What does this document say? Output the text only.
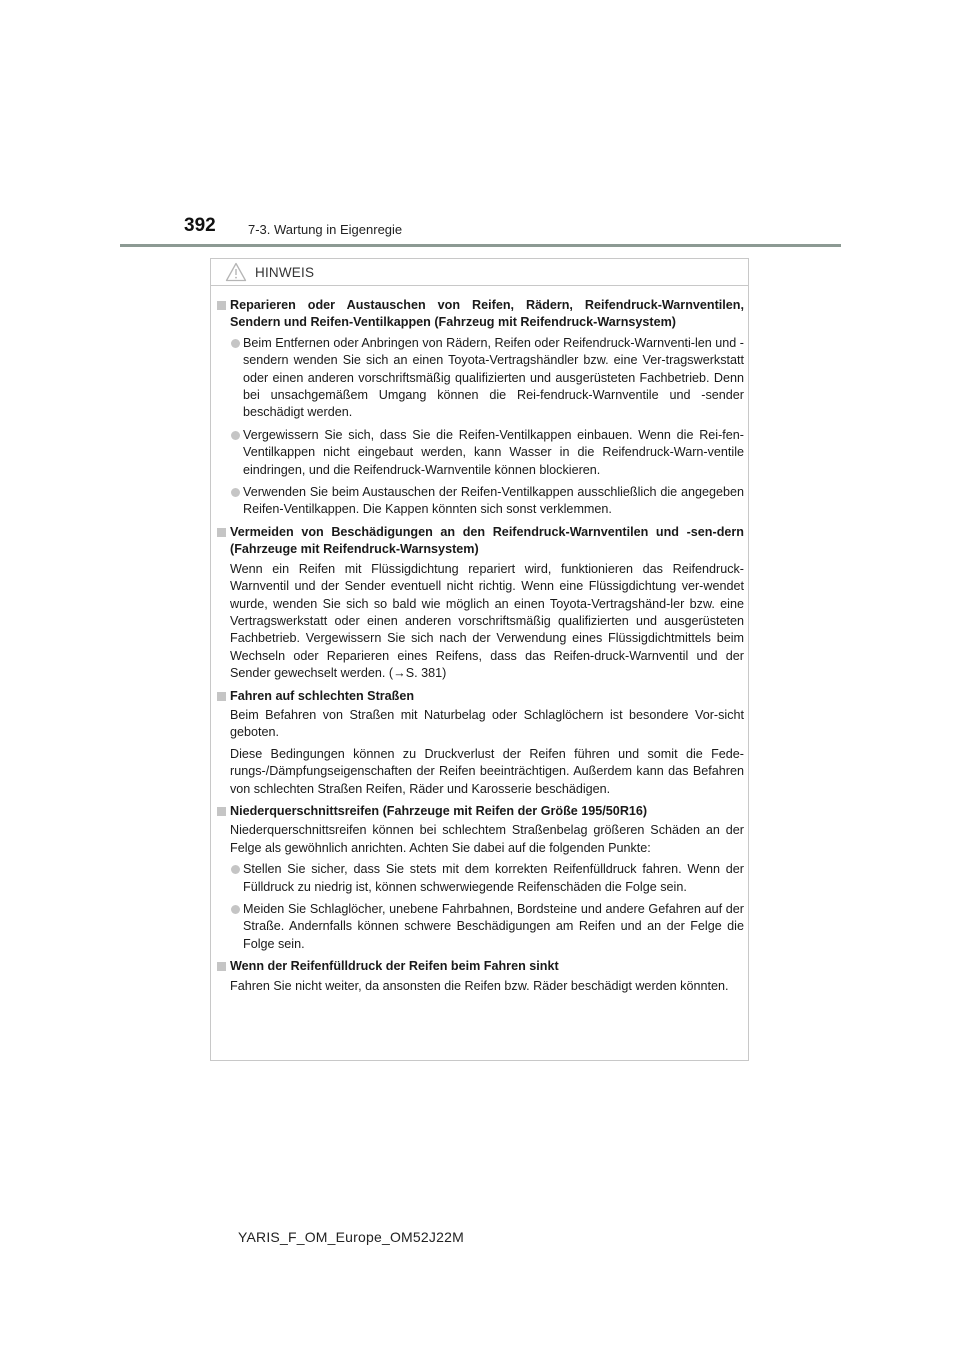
392 7-3. Wartung in Eigenregie
HINWEIS
Reparieren oder Austauschen von Reifen, Rädern, Reifendruck-Warnventilen, Sendern und Reifen-Ventilkappen (Fahrzeug mit Reifendruck-Warnsystem)
Beim Entfernen oder Anbringen von Rädern, Reifen oder Reifendruck-Warnventi-len und -sendern wenden Sie sich an einen Toyota-Vertragshändler bzw. eine Ver-tragswerkstatt oder einen anderen vorschriftsmäßig qualifizierten und ausgerüsteten Fachbetrieb. Denn bei unsachgemäßem Umgang können die Rei-fendruck-Warnventile und -sender beschädigt werden.
Vergewissern Sie sich, dass Sie die Reifen-Ventilkappen einbauen. Wenn die Rei-fen-Ventilkappen nicht eingebaut werden, kann Wasser in die Reifendruck-Warn-ventile eindringen, und die Reifendruck-Warnventile können blockieren.
Verwenden Sie beim Austauschen der Reifen-Ventilkappen ausschließlich die angegeben Reifen-Ventilkappen. Die Kappen könnten sich sonst verklemmen.
Vermeiden von Beschädigungen an den Reifendruck-Warnventilen und -sen-dern (Fahrzeuge mit Reifendruck-Warnsystem)
Wenn ein Reifen mit Flüssigdichtung repariert wird, funktionieren das Reifendruck-Warnventil und der Sender eventuell nicht richtig. Wenn eine Flüssigdichtung ver-wendet wurde, wenden Sie sich so bald wie möglich an einen Toyota-Vertragshänd-ler bzw. eine Vertragswerkstatt oder einen anderen vorschriftsmäßig qualifizierten und ausgerüsteten Fachbetrieb. Vergewissern Sie sich nach der Verwendung eines Flüssigdichtmittels beim Wechseln oder Reparieren eines Reifens, dass das Reifen-druck-Warnventil und der Sender gewechselt werden. (→S. 381)
Fahren auf schlechten Straßen
Beim Befahren von Straßen mit Naturbelag oder Schlaglöchern ist besondere Vor-sicht geboten.
Diese Bedingungen können zu Druckverlust der Reifen führen und somit die Fede-rungs-/Dämpfungseigenschaften der Reifen beeinträchtigen. Außerdem kann das Befahren von schlechten Straßen Reifen, Räder und Karosserie beschädigen.
Niederquerschnittsreifen (Fahrzeuge mit Reifen der Größe 195/50R16)
Niederquerschnittsreifen können bei schlechtem Straßenbelag größeren Schäden an der Felge als gewöhnlich anrichten. Achten Sie dabei auf die folgenden Punkte:
Stellen Sie sicher, dass Sie stets mit dem korrekten Reifenfülldruck fahren. Wenn der Fülldruck zu niedrig ist, können schwerwiegende Reifenschäden die Folge sein.
Meiden Sie Schlaglöcher, unebene Fahrbahnen, Bordsteine und andere Gefahren auf der Straße. Andernfalls können schwere Beschädigungen am Reifen und an der Felge die Folge sein.
Wenn der Reifenfülldruck der Reifen beim Fahren sinkt
Fahren Sie nicht weiter, da ansonsten die Reifen bzw. Räder beschädigt werden könnten.
YARIS_F_OM_Europe_OM52J22M
